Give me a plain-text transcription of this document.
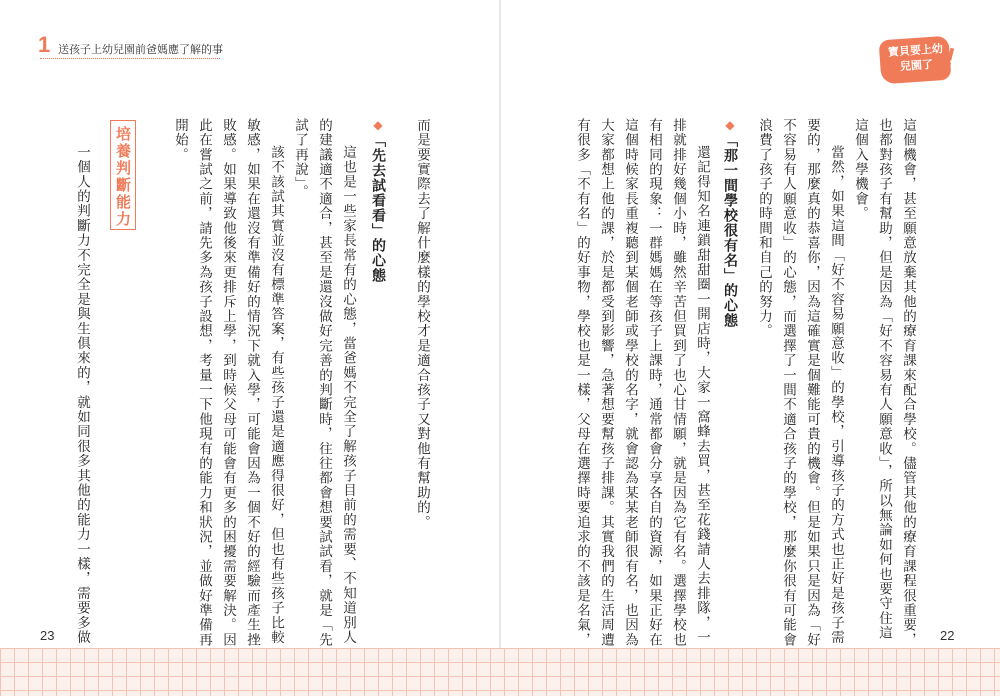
1 送孩子上幼兒園前爸媽應了解的事	寶貝要上幼兒園了 !
這個機會，甚至願意放棄其他的療育課來配合學校。儘管其他的療育課程很重要，
也都對孩子有幫助，但是因為「好不容易有人願意收」，所以無論如何也要守住這
這個入學機會。
當然，如果這間「好不容易願意收」的學校，引導孩子的方式也正好是孩子需
要的，那麼真的恭喜你，因為這確實是個難能可貴的機會。但是如果只是因為「好
不容易有人願意收」的心態，而選擇了一間不適合孩子的學校，那麼你很有可能會
浪費了孩子的時間和自己的努力。
◆「那一間學校很有名」的心態
還記得知名連鎖甜甜圈一開店時，大家一窩蜂去買，甚至花錢請人去排隊，一
排就排好幾個小時，雖然辛苦但買到了也心甘情願，就是因為它有名。選擇學校也
有相同的現象：一群媽媽在等孩子上課時，通常都會分享各自的資源，如果正好在
這個時候家長重複聽到某個老師或學校的名字，就會認為某某老師很有名，也因為
大家都想上他的課，於是都受到影響，急著想要幫孩子排課。其實我們的生活周遭
有很多「不有名」的好事物，學校也是一樣，父母在選擇時要追求的不該是名氣，	22
而是要實際去了解什麼樣的學校才是適合孩子又對他有幫助的。
◆「先去試看看」的心態
這也是一些家長常有的心態，當爸媽不完全了解孩子目前的需要、不知道別人
的建議適不適合，甚至是還沒做好完善的判斷時，往往都會想要試試看，就是「先
試了再說」。
該不該試其實並沒有標準答案，有些孩子還是適應得很好，但也有些孩子比較
敏感，如果在還沒有準備好的情況下就入學，可能會因為一個不好的經驗而產生挫
敗感。如果導致他後來更排斥上學，到時候父母可能會有更多的困擾需要解決。因
此在嘗試之前，請先多為孩子設想，考量一下他現有的能力和狀況，並做好準備再
開始。
培養判斷能力
一個人的判斷力不完全是與生俱來的，就如同很多其他的能力一樣，需要多做
23
